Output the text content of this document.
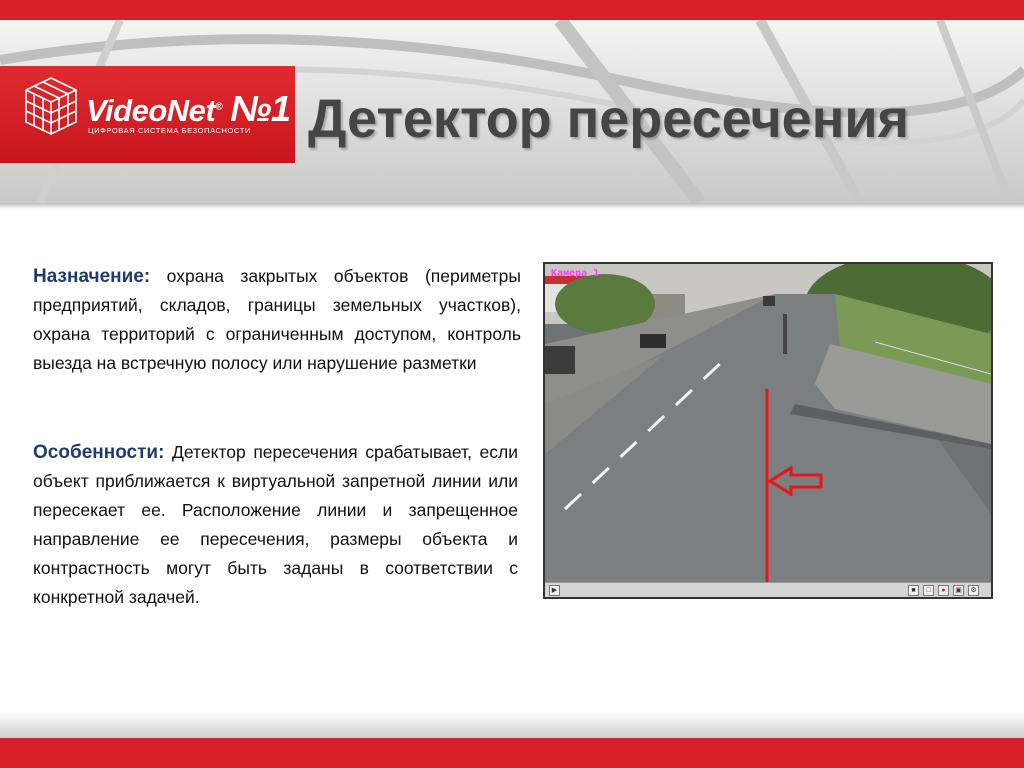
VideoNet® №1
ЦИФРОВАЯ СИСТЕМА БЕЗОПАСНОСТИ Детектор пересечения

Назначение: охрана закрытых объектов (периметры предприятий, складов, границы земельных участков), охрана территорий с ограниченным доступом, контроль выезда на встречную полосу или нарушение разметки

Особенности: Детектор пересечения срабатывает, если объект приближается к виртуальной запретной линии или пересекает ее. Расположение линии и запрещенное направление ее пересечения, размеры объекта и контрастность могут быть заданы в соответствии с конкретной задачей.

Камера 1
▶	■	□	●	▣	⚙
